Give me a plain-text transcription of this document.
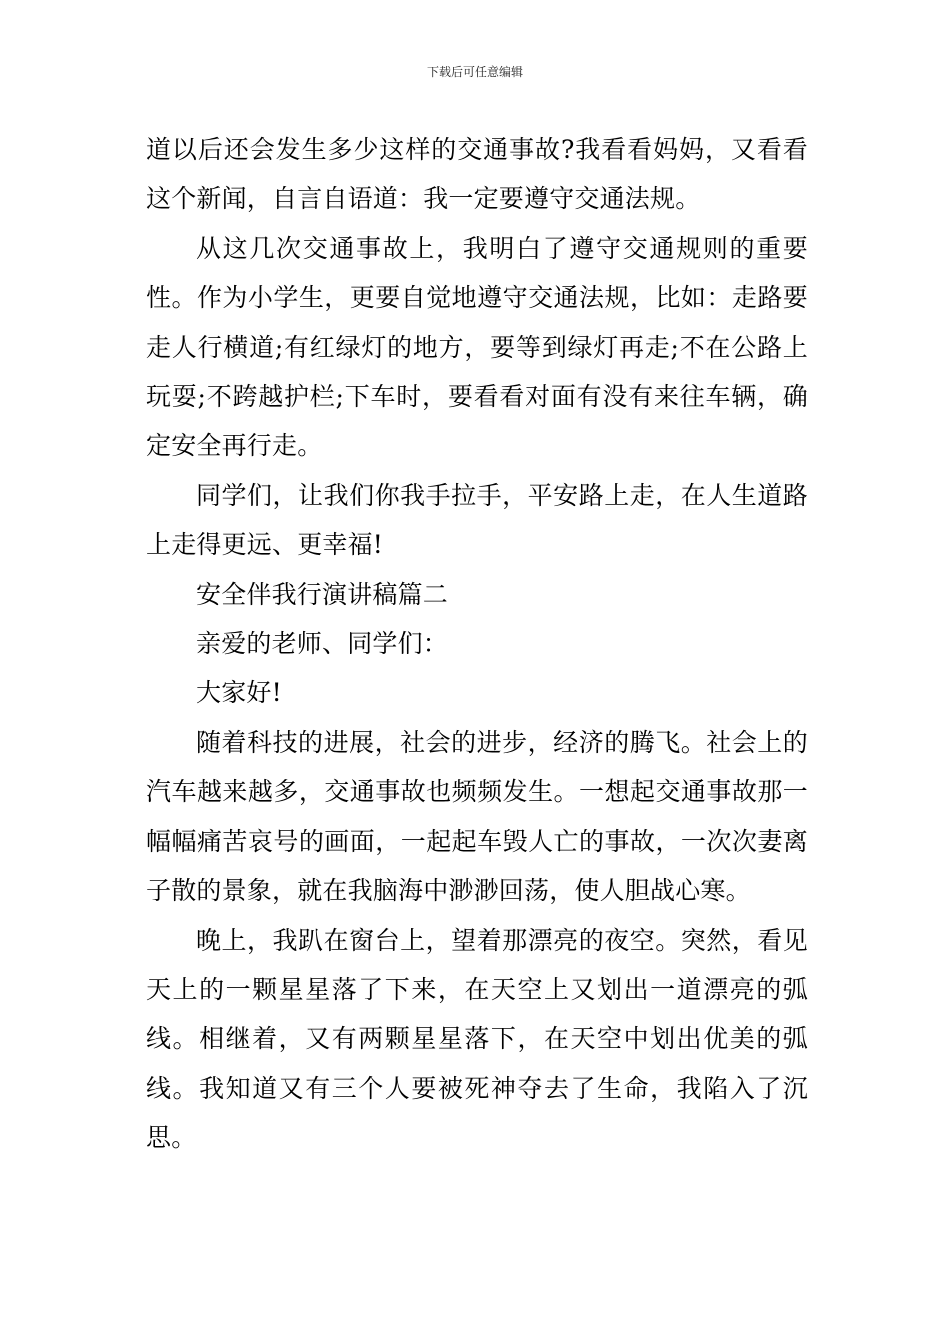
下载后可任意编辑

道以后还会发生多少这样的交通事故?我看看妈妈，又看看这个新闻，自言自语道：我一定要遵守交通法规。

从这几次交通事故上，我明白了遵守交通规则的重要性。作为小学生，更要自觉地遵守交通法规，比如：走路要走人行横道;有红绿灯的地方，要等到绿灯再走;不在公路上玩耍;不跨越护栏;下车时，要看看对面有没有来往车辆，确定安全再行走。

同学们，让我们你我手拉手，平安路上走，在人生道路上走得更远、更幸福!

安全伴我行演讲稿篇二

亲爱的老师、同学们：

大家好!

随着科技的进展，社会的进步，经济的腾飞。社会上的汽车越来越多，交通事故也频频发生。一想起交通事故那一幅幅痛苦哀号的画面，一起起车毁人亡的事故，一次次妻离子散的景象，就在我脑海中渺渺回荡，使人胆战心寒。

晚上，我趴在窗台上，望着那漂亮的夜空。突然，看见天上的一颗星星落了下来，在天空上又划出一道漂亮的弧线。相继着，又有两颗星星落下，在天空中划出优美的弧线。我知道又有三个人要被死神夺去了生命，我陷入了沉思。
